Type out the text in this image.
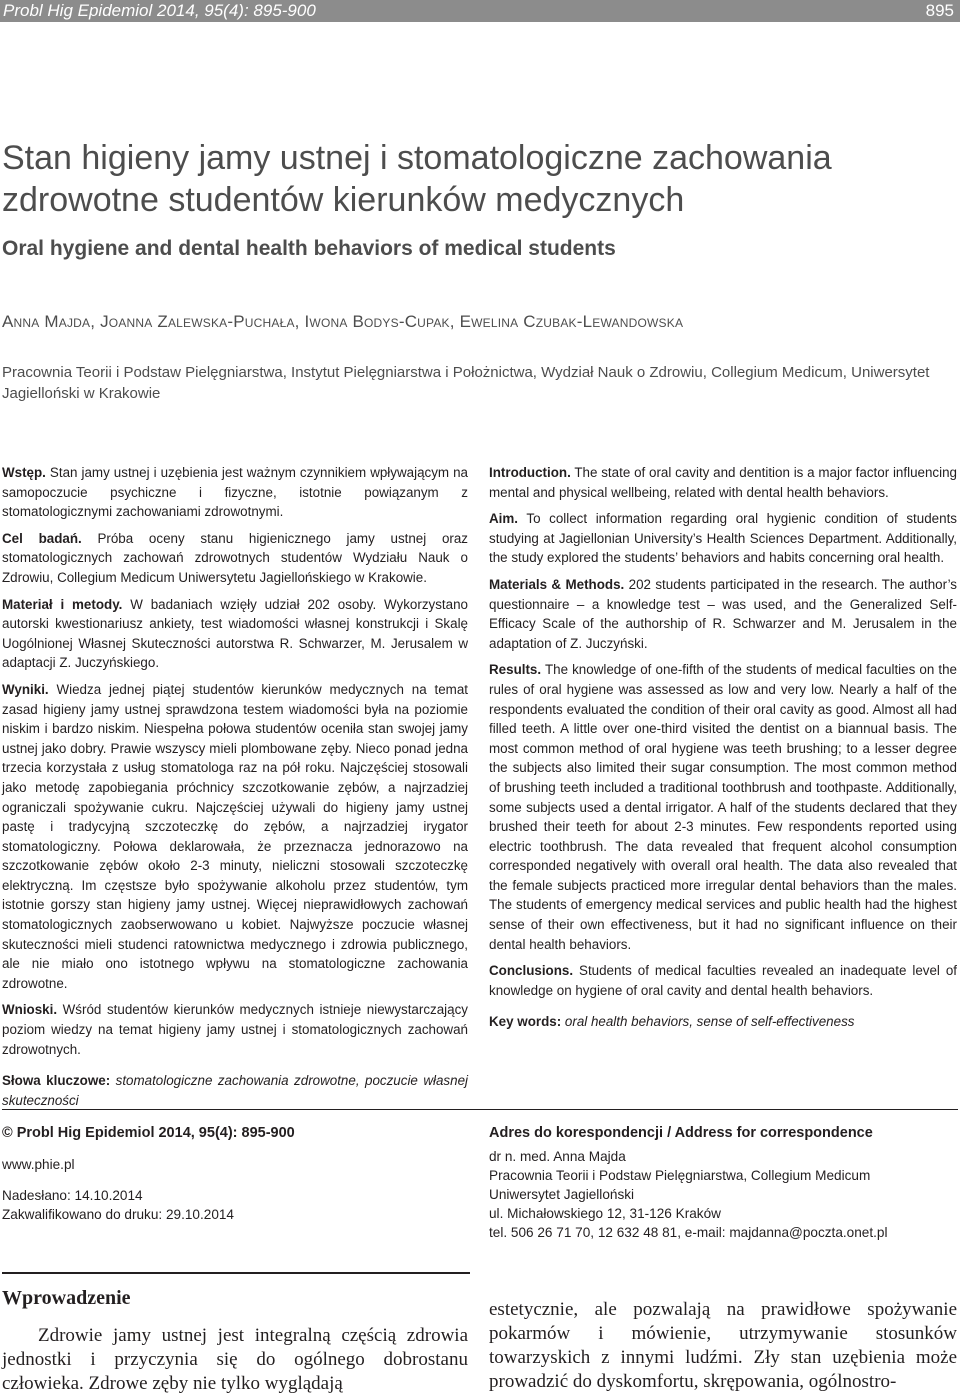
Probl Hig Epidemiol 2014, 95(4): 895-900	895
Stan higieny jamy ustnej i stomatologiczne zachowania
zdrowotne studentów kierunków medycznych
Oral hygiene and dental health behaviors of medical students
Anna Majda, Joanna Zalewska-Puchała, Iwona Bodys-Cupak, Ewelina Czubak-Lewandowska
Pracownia Teorii i Podstaw Pielęgniarstwa, Instytut Pielęgniarstwa i Położnictwa, Wydział Nauk o Zdrowiu, Collegium Medicum, Uniwersytet Jagielloński w Krakowie

Wstęp. Stan jamy ustnej i uzębienia jest ważnym czynnikiem wpływającym na samopoczucie psychiczne i fizyczne, istotnie powiązanym z stomatologicznymi zachowaniami zdrowotnymi.

Cel badań. Próba oceny stanu higienicznego jamy ustnej oraz stomatologicznych zachowań zdrowotnych studentów Wydziału Nauk o Zdrowiu, Collegium Medicum Uniwersytetu Jagiellońskiego w Krakowie.

Materiał i metody. W badaniach wzięły udział 202 osoby. Wykorzystano autorski kwestionariusz ankiety, test wiadomości własnej konstrukcji i Skalę Uogólnionej Własnej Skuteczności autorstwa R. Schwarzer, M. Jerusalem w adaptacji Z. Juczyńskiego.

Wyniki. Wiedza jednej piątej studentów kierunków medycznych na temat zasad higieny jamy ustnej sprawdzona testem wiadomości była na poziomie niskim i bardzo niskim. Niespełna połowa studentów oceniła stan swojej jamy ustnej jako dobry. Prawie wszyscy mieli plombowane zęby. Nieco ponad jedna trzecia korzystała z usług stomatologa raz na pół roku. Najczęściej stosowali jako metodę zapobiegania próchnicy szczotkowanie zębów, a najrzadziej ograniczali spożywanie cukru. Najczęściej używali do higieny jamy ustnej pastę i tradycyjną szczoteczkę do zębów, a najrzadziej irygator stomatologiczny. Połowa deklarowała, że przeznacza jednorazowo na szczotkowanie zębów około 2-3 minuty, nieliczni stosowali szczoteczkę elektryczną. Im częstsze było spożywanie alkoholu przez studentów, tym istotnie gorszy stan higieny jamy ustnej. Więcej nieprawidłowych zachowań stomatologicznych zaobserwowano u kobiet. Najwyższe poczucie własnej skuteczności mieli studenci ratownictwa medycznego i zdrowia publicznego, ale nie miało ono istotnego wpływu na stomatologiczne zachowania zdrowotne.

Wnioski. Wśród studentów kierunków medycznych istnieje niewystarczający poziom wiedzy na temat higieny jamy ustnej i stomatologicznych zachowań zdrowotnych.

Słowa kluczowe: stomatologiczne zachowania zdrowotne, poczucie własnej skuteczności

Introduction. The state of oral cavity and dentition is a major factor influencing mental and physical wellbeing, related with dental health behaviors.

Aim. To collect information regarding oral hygienic condition of students studying at Jagiellonian University’s Health Sciences Department. Additionally, the study explored the students’ behaviors and habits concerning oral health.

Materials & Methods. 202 students participated in the research. The author’s questionnaire – a knowledge test – was used, and the Generalized Self-Efficacy Scale of the authorship of R. Schwarzer and M. Jerusalem in the adaptation of Z. Juczyński.

Results. The knowledge of one-fifth of the students of medical faculties on the rules of oral hygiene was assessed as low and very low. Nearly a half of the respondents evaluated the condition of their oral cavity as good. Almost all had filled teeth. A little over one-third visited the dentist on a biannual basis. The most common method of oral hygiene was teeth brushing; to a lesser degree the subjects also limited their sugar consumption. The most common method of brushing teeth included a traditional toothbrush and toothpaste. Additionally, some subjects used a dental irrigator. A half of the students declared that they brushed their teeth for about 2-3 minutes. Few respondents reported using electric toothbrush. The data revealed that frequent alcohol consumption corresponded negatively with overall oral health. The data also revealed that the female subjects practiced more irregular dental behaviors than the males. The students of emergency medical services and public health had the highest sense of their own effectiveness, but it had no significant influence on their dental health behaviors.

Conclusions. Students of medical faculties revealed an inadequate level of knowledge on hygiene of oral cavity and dental health behaviors.

Key words: oral health behaviors, sense of self-effectiveness

© Probl Hig Epidemiol 2014, 95(4): 895-900
www.phie.pl
Nadesłano: 14.10.2014
Zakwalifikowano do druku: 29.10.2014
Adres do korespondencji / Address for correspondence
dr n. med. Anna Majda
Pracownia Teorii i Podstaw Pielęgniarstwa, Collegium Medicum
Uniwersytet Jagielloński
ul. Michałowskiego 12, 31-126 Kraków
tel. 506 26 71 70, 12 632 48 81, e-mail: majdanna@poczta.onet.pl
Wprowadzenie

Zdrowie jamy ustnej jest integralną częścią zdrowia jednostki i przyczynia się do ogólnego dobrostanu człowieka. Zdrowe zęby nie tylko wyglądają

estetycznie, ale pozwalają na prawidłowe spożywanie pokarmów i mówienie, utrzymywanie stosunków towarzyskich z innymi ludźmi. Zły stan uzębienia może prowadzić do dyskomfortu, skrępowania, ogólnostro-
